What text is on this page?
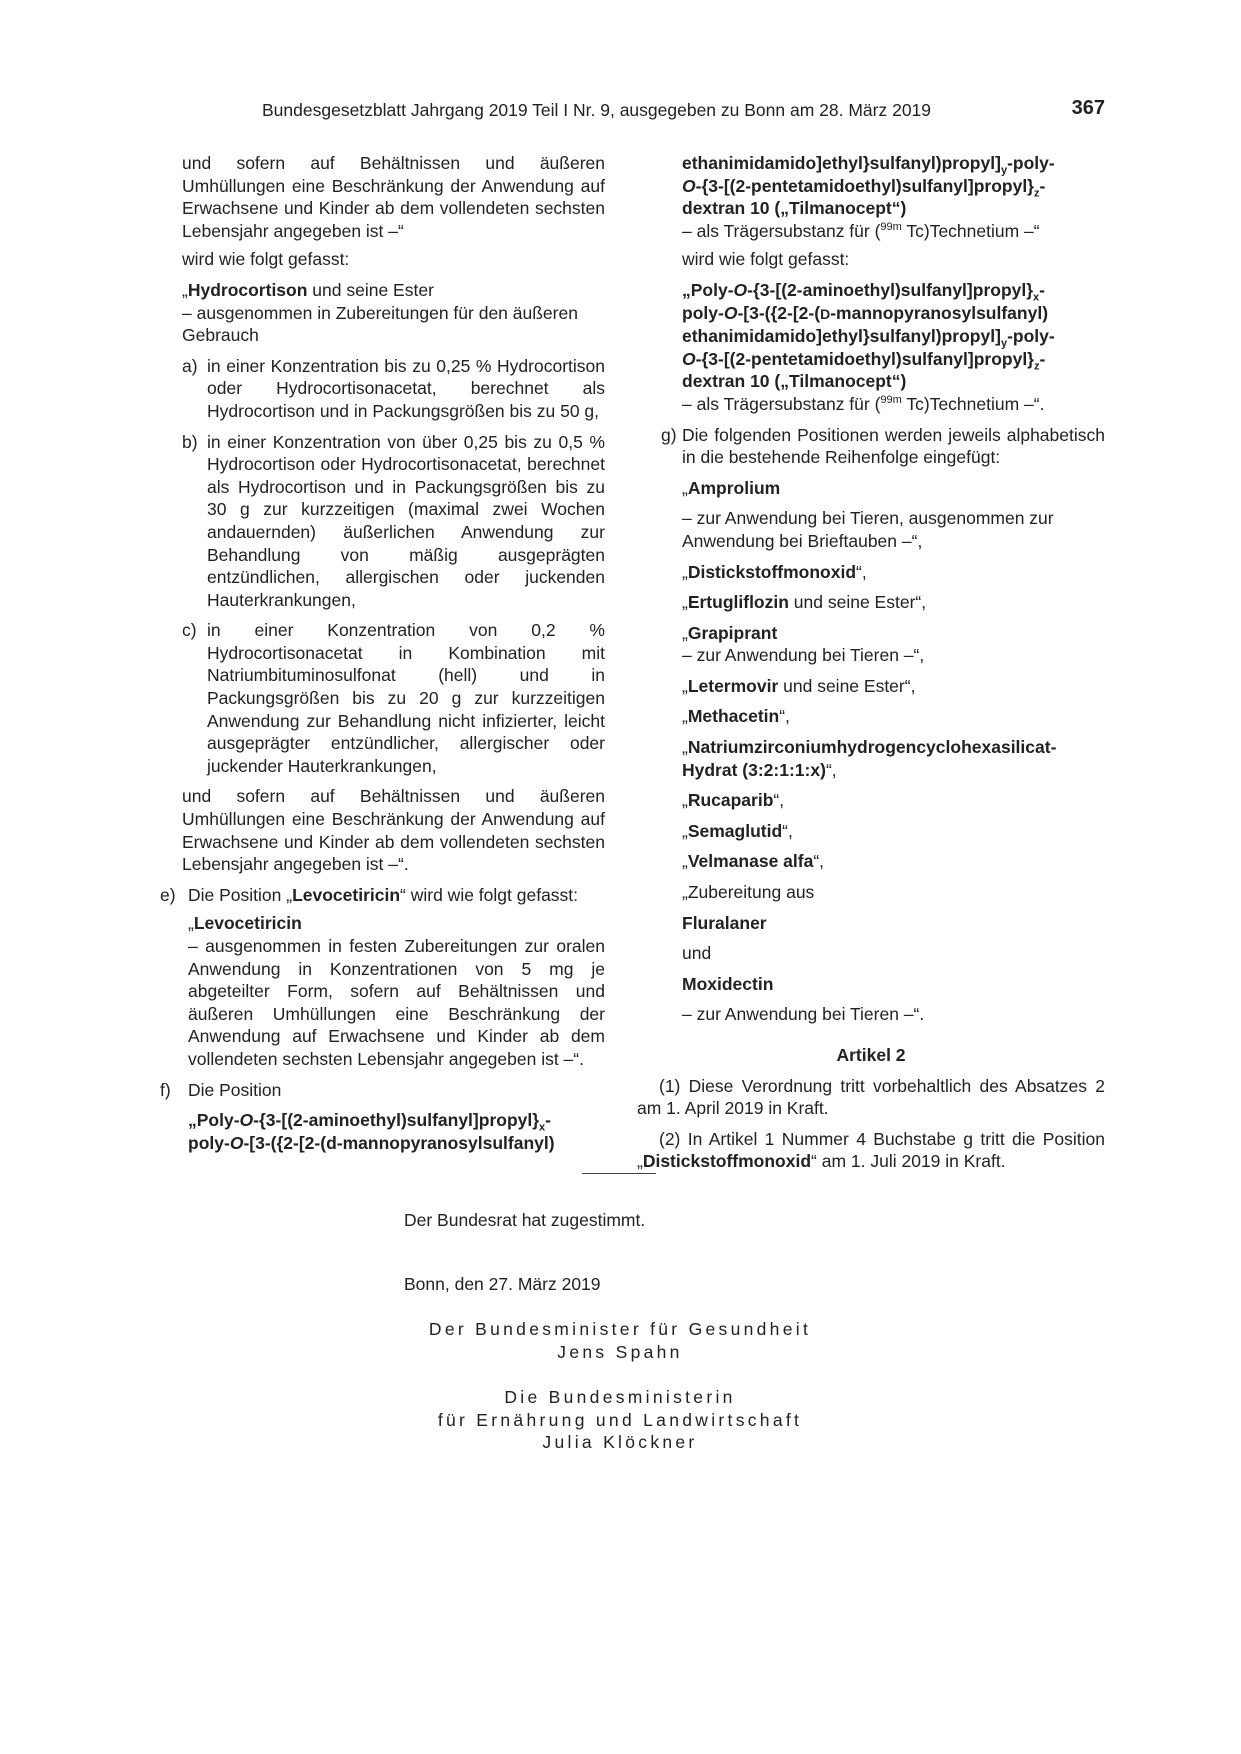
Bundesgesetzblatt Jahrgang 2019 Teil I Nr. 9, ausgegeben zu Bonn am 28. März 2019	367

und sofern auf Behältnissen und äußeren Umhüllungen eine Beschränkung der Anwendung auf Erwachsene und Kinder ab dem vollendeten sechsten Lebensjahr angegeben ist –“

wird wie folgt gefasst:

„Hydrocortison und seine Ester

– ausgenommen in Zubereitungen für den äußeren Gebrauch

a) in einer Konzentration bis zu 0,25 % Hydrocortison oder Hydrocortisonacetat, berechnet als Hydrocortison und in Packungsgrößen bis zu 50 g,
b) in einer Konzentration von über 0,25 bis zu 0,5 % Hydrocortison oder Hydrocortisonacetat, berechnet als Hydrocortison und in Packungsgrößen bis zu 30 g zur kurzzeitigen (maximal zwei Wochen andauernden) äußerlichen Anwendung zur Behandlung von mäßig ausgeprägten entzündlichen, allergischen oder juckenden Hauterkrankungen,
c) in einer Konzentration von 0,2 % Hydrocortisonacetat in Kombination mit Natriumbituminosulfonat (hell) und in Packungsgrößen bis zu 20 g zur kurzzeitigen Anwendung zur Behandlung nicht infizierter, leicht ausgeprägter entzündlicher, allergischer oder juckender Hauterkrankungen,

und sofern auf Behältnissen und äußeren Umhüllungen eine Beschränkung der Anwendung auf Erwachsene und Kinder ab dem vollendeten sechsten Lebensjahr angegeben ist –“.

e) Die Position „Levocetiricin“ wird wie folgt gefasst:
„Levocetiricin
– ausgenommen in festen Zubereitungen zur oralen Anwendung in Konzentrationen von 5 mg je abgeteilter Form, sofern auf Behältnissen und äußeren Umhüllungen eine Beschränkung der Anwendung auf Erwachsene und Kinder ab dem vollendeten sechsten Lebensjahr angegeben ist –“.
f) Die Position
$„Poly-O-\{3-[(2-aminoethyl)sulfanyl]propyl\}_x-$
poly-O-[3-({2-[2-(d-mannopyranosylsulfanyl)
$ethanimidamido]ethyl\}sulfanyl)propyl]_y-poly-$
$O-\{3-[(2-pentetamidoethyl)sulfanyl]propyl\}_z-$
dextran 10 („Tilmanocept“)
– als Trägersubstanz für ($^{99m}$ Tc)Technetium –“

wird wie folgt gefasst:

$„Poly-O-\{3-[(2-aminoethyl)sulfanyl]propyl\}_x-$
poly-O-[3-({2-[2-(D-mannopyranosylsulfanyl)
$ethanimidamido]ethyl\}sulfanyl)propyl]_y-poly-$
$O-\{3-[(2-pentetamidoethyl)sulfanyl]propyl\}_z-$
dextran 10 („Tilmanocept“)
– als Trägersubstanz für ($^{99m}$ Tc)Technetium –“.
g) Die folgenden Positionen werden jeweils alphabetisch in die bestehende Reihenfolge eingefügt:
„Amprolium
– zur Anwendung bei Tieren, ausgenommen zur Anwendung bei Brieftauben –“,
„Distickstoffmonoxid“,
„Ertugliflozin und seine Ester“,
„Grapiprant
– zur Anwendung bei Tieren –“,
„Letermovir und seine Ester“,
„Methacetin“,
„Natriumzirconiumhydrogencyclohexasilicat-Hydrat (3:2:1:1:x)“,
„Rucaparib“,
„Semaglutid“,
„Velmanase alfa“,
„Zubereitung aus
Fluralaner
und
Moxidectin
– zur Anwendung bei Tieren –“.
Artikel 2

(1) Diese Verordnung tritt vorbehaltlich des Absatzes 2 am 1. April 2019 in Kraft.

(2) In Artikel 1 Nummer 4 Buchstabe g tritt die Position „Distickstoffmonoxid“ am 1. Juli 2019 in Kraft.

Der Bundesrat hat zugestimmt.
Bonn, den 27. März 2019
Der Bundesminister für Gesundheit
Jens Spahn
Die Bundesministerin
für Ernährung und Landwirtschaft
Julia Klöckner
